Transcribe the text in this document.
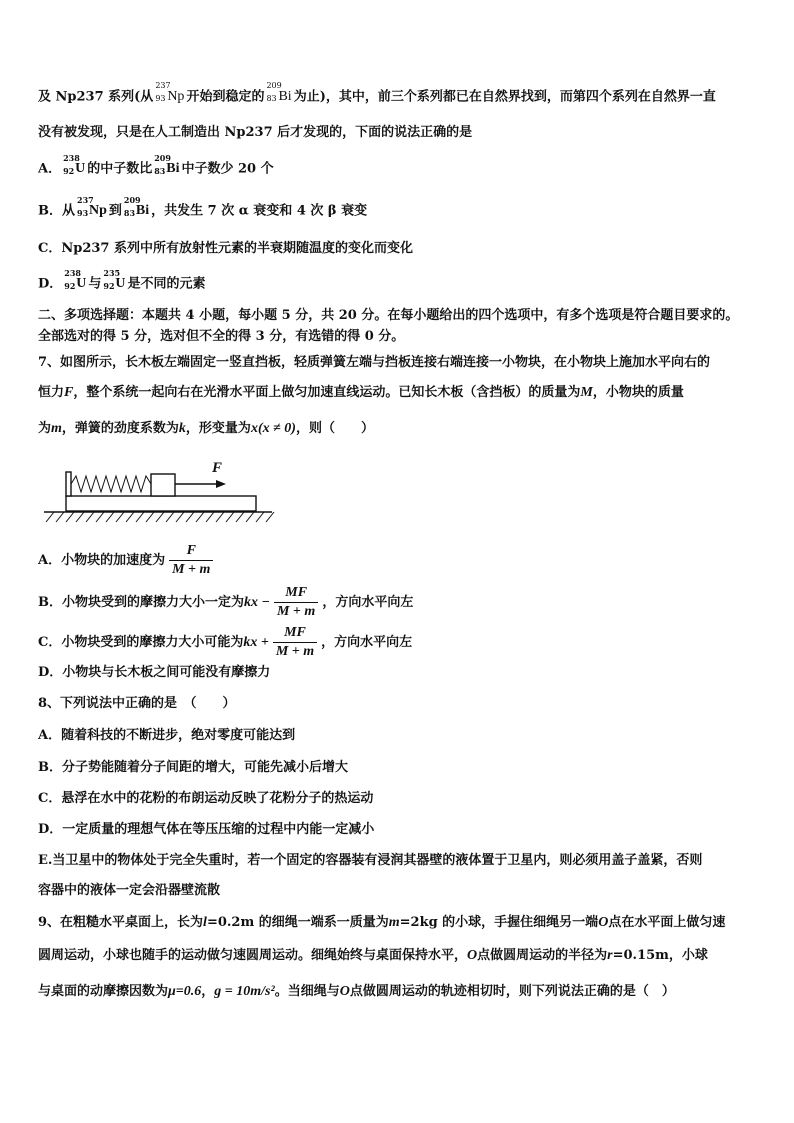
及 Np237 系列(从
237
93 Np 开始到稳定的
209
83 Bi 为止)，其中，前三个系列都已在自然界找到，而第四个系列在自然界一直
没有被发现，只是在人工制造出 Np237 后才发现的，下面的说法正确的是
A．
238
92 U 的中子数比
209
83 Bi 中子数少 20 个
B．从
237
93 Np 到
209
83 Bi ，共发生 7 次 α 衰变和 4 次 β 衰变
C．Np237 系列中所有放射性元素的半衰期随温度的变化而变化
D．
238
92 U 与
235
92 U 是不同的元素
二、多项选择题：本题共 4 小题，每小题 5 分，共 20 分。在每小题给出的四个选项中，有多个选项是符合题目要求的。
全部选对的得 5 分，选对但不全的得 3 分，有选错的得 0 分。
7、如图所示，长木板左端固定一竖直挡板，轻质弹簧左端与挡板连接右端连接一小物块，在小物块上施加水平向右的
恒力F，整个系统一起向右在光滑水平面上做匀加速直线运动。已知长木板（含挡板）的质量为M，小物块的质量
为m，弹簧的劲度系数为k，形变量为x(x ≠ 0)，则（　　）
F
A．小物块的加速度为 $\frac{F}{M + m}$
B．小物块受到的摩擦力大小一定为kx − $\frac{MF}{M + m}$ ，方向水平向左
C．小物块受到的摩擦力大小可能为kx + $\frac{MF}{M + m}$ ，方向水平向左
D．小物块与长木板之间可能没有摩擦力
8、下列说法中正确的是　（　　）
A．随着科技的不断进步，绝对零度可能达到
B．分子势能随着分子间距的增大，可能先减小后增大
C．悬浮在水中的花粉的布朗运动反映了花粉分子的热运动
D．一定质量的理想气体在等压压缩的过程中内能一定减小
E.当卫星中的物体处于完全失重时，若一个固定的容器装有浸润其器壁的液体置于卫星内，则必须用盖子盖紧，否则
容器中的液体一定会沿器壁流散
9、在粗糙水平桌面上，长为l=0.2m 的细绳一端系一质量为m=2kg 的小球，手握住细绳另一端O点在水平面上做匀速
圆周运动，小球也随手的运动做匀速圆周运动。细绳始终与桌面保持水平，O点做圆周运动的半径为r=0.15m，小球
与桌面的动摩擦因数为μ=0.6，g = 10m/s²。当细绳与O点做圆周运动的轨迹相切时，则下列说法正确的是（　）
